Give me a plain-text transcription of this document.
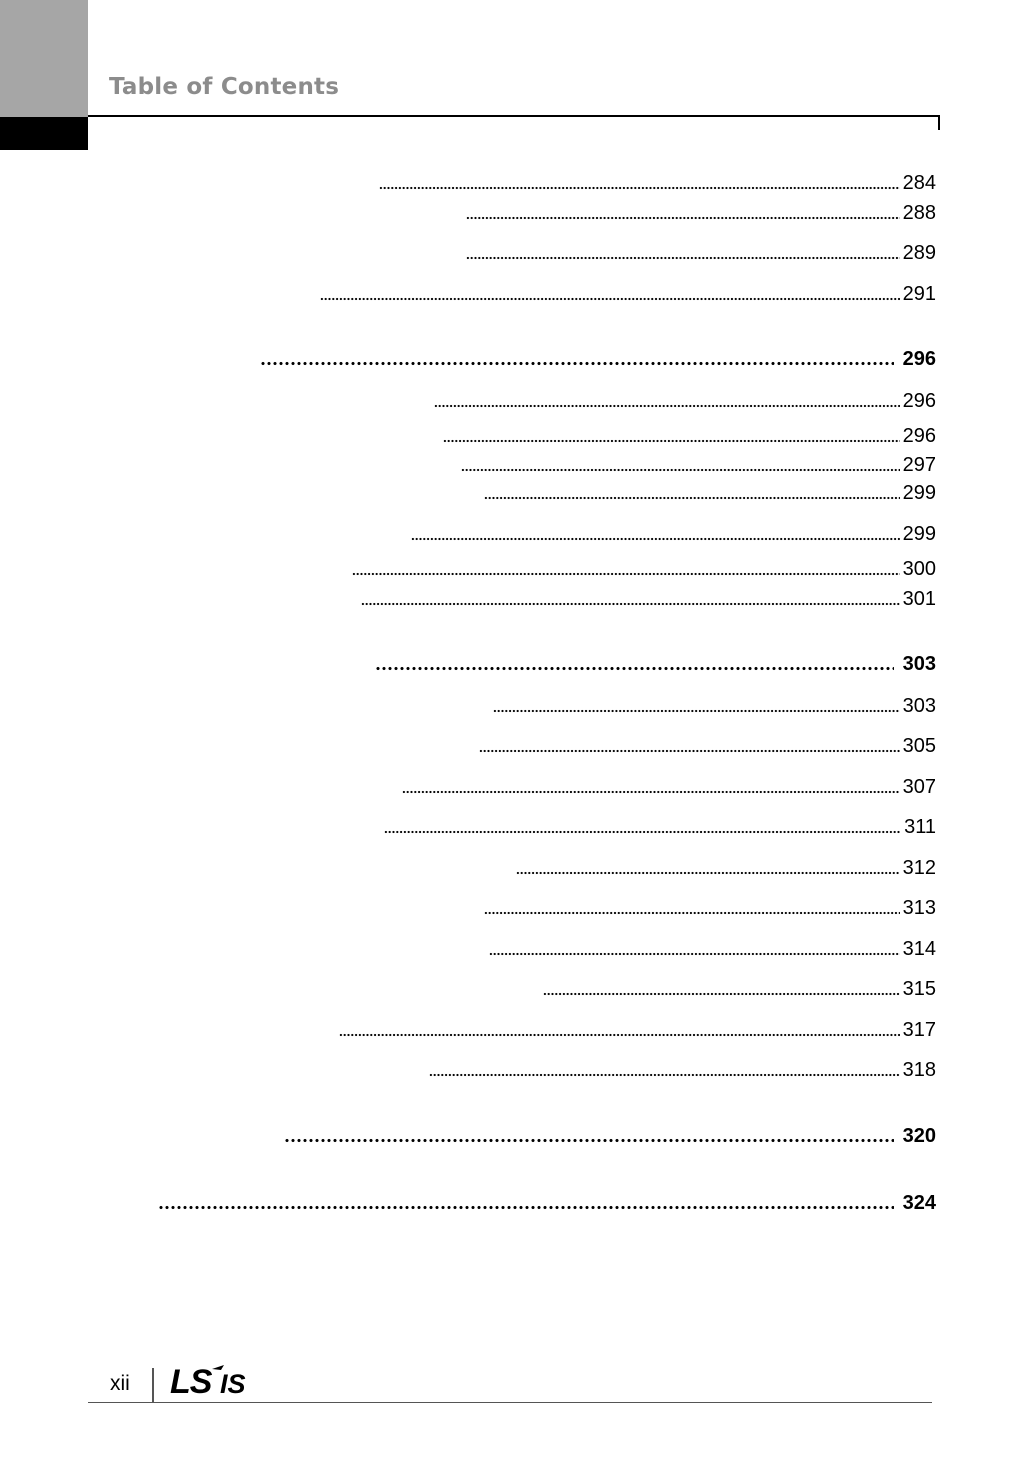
Table of Contents
284
288
289
291
296
296
296
297
299
299
300
301
303
303
305
307
311
312
313
314
315
317
318
320
324

xii LS IS
